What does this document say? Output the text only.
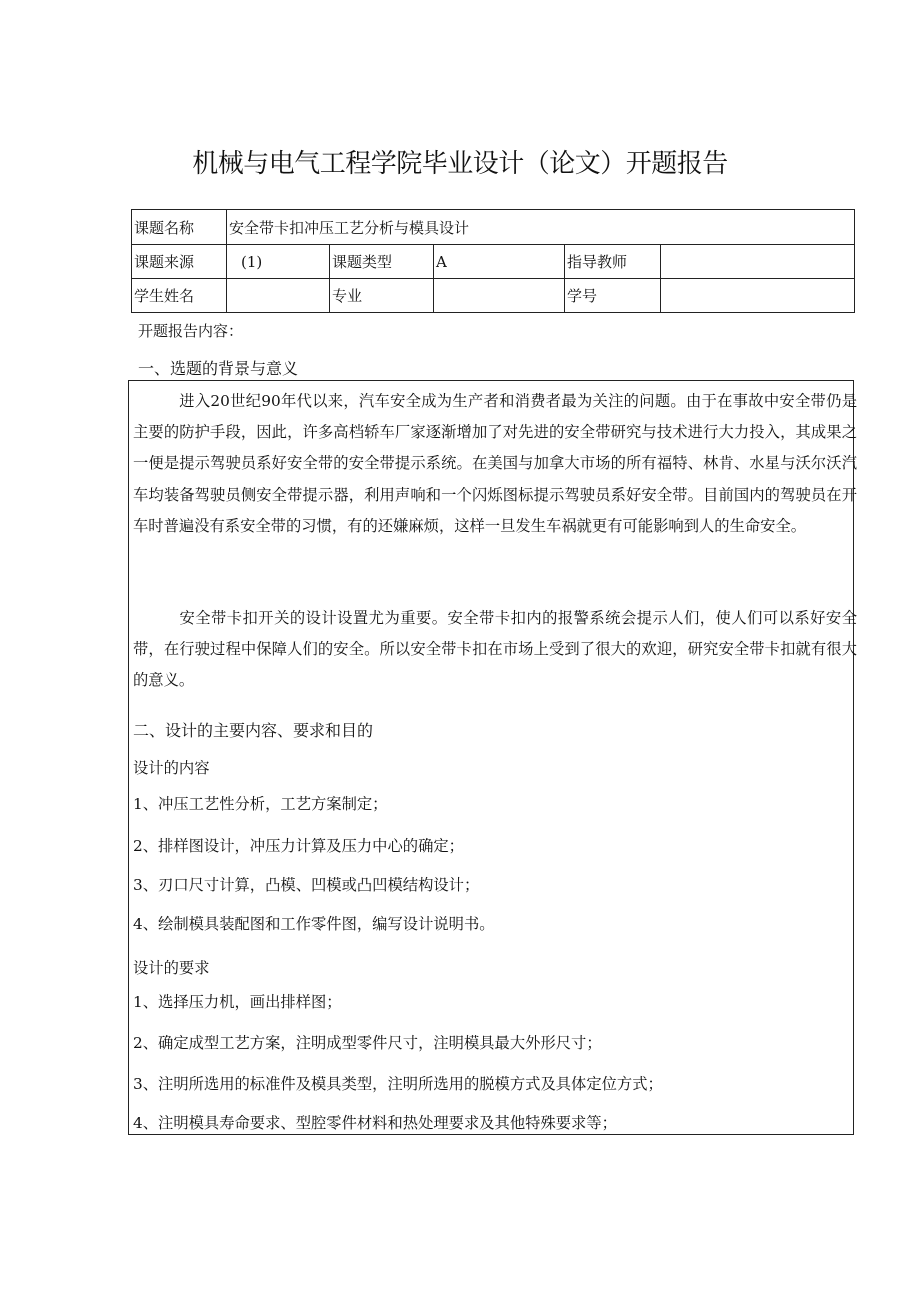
机械与电气工程学院毕业设计（论文）开题报告
课题名称	安全带卡扣冲压工艺分析与模具设计				
课题来源	(1)	课题类型	A	指导教师	
学生姓名		专业		学号	
开题报告内容：
一、选题的背景与意义

进入20世纪90年代以来，汽车安全成为生产者和消费者最为关注的问题。由于在事故中安全带仍是主要的防护手段，因此，许多高档轿车厂家逐渐增加了对先进的安全带研究与技术进行大力投入，其成果之一便是提示驾驶员系好安全带的安全带提示系统。在美国与加拿大市场的所有福特、林肯、水星与沃尔沃汽车均装备驾驶员侧安全带提示器，利用声响和一个闪烁图标提示驾驶员系好安全带。目前国内的驾驶员在开车时普遍没有系安全带的习惯，有的还嫌麻烦，这样一旦发生车祸就更有可能影响到人的生命安全。

安全带卡扣开关的设计设置尤为重要。安全带卡扣内的报警系统会提示人们，使人们可以系好安全带，在行驶过程中保障人们的安全。所以安全带卡扣在市场上受到了很大的欢迎，研究安全带卡扣就有很大的意义。

二、设计的主要内容、要求和目的

设计的内容

1、冲压工艺性分析，工艺方案制定；

2、排样图设计，冲压力计算及压力中心的确定；

3、刃口尺寸计算，凸模、凹模或凸凹模结构设计；

4、绘制模具装配图和工作零件图，编写设计说明书。

设计的要求

1、选择压力机，画出排样图；

2、确定成型工艺方案，注明成型零件尺寸，注明模具最大外形尺寸；

3、注明所选用的标准件及模具类型，注明所选用的脱模方式及具体定位方式；

4、注明模具寿命要求、型腔零件材料和热处理要求及其他特殊要求等；
